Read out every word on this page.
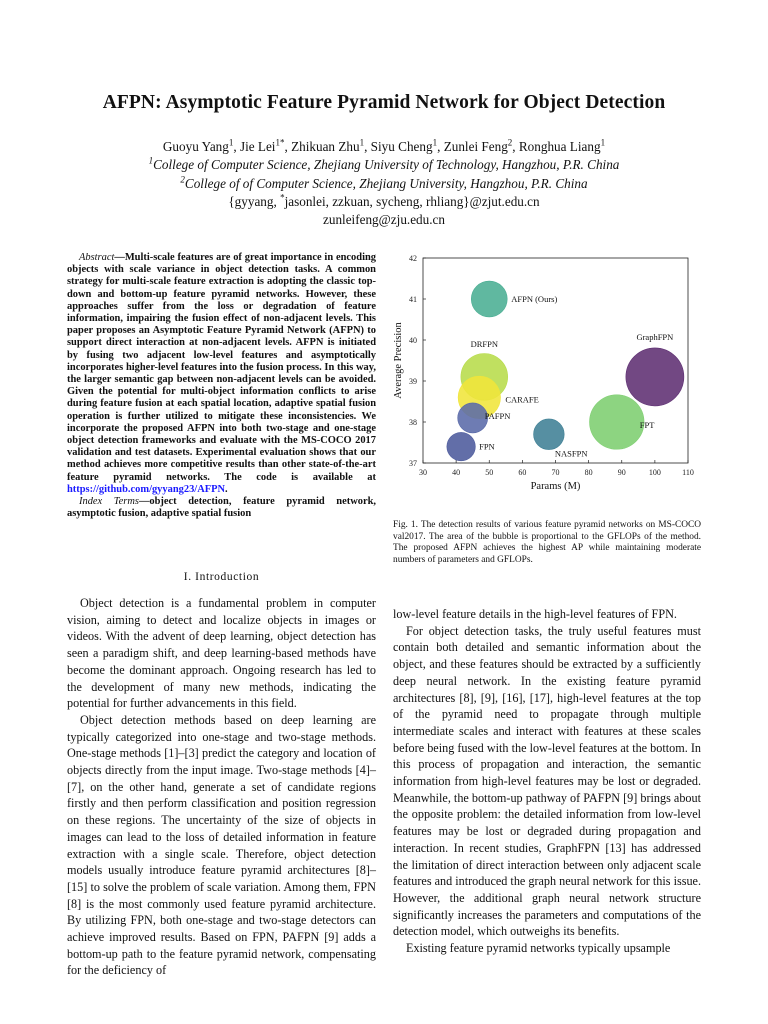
AFPN: Asymptotic Feature Pyramid Network for Object Detection
Guoyu Yang$^1$, Jie Lei$^{1*}$, Zhikuan Zhu$^1$, Siyu Cheng$^1$, Zunlei Feng$^2$, Ronghua Liang$^1$
$^1$College of Computer Science, Zhejiang University of Technology, Hangzhou, P.R. China
$^2$College of of Computer Science, Zhejiang University, Hangzhou, P.R. China
{gyyang, *jasonlei, zzkuan, sycheng, rhliang}@zjut.edu.cn
zunleifeng@zju.edu.cn

Abstract—Multi-scale features are of great importance in encoding objects with scale variance in object detection tasks. A common strategy for multi-scale feature extraction is adopting the classic top-down and bottom-up feature pyramid networks. However, these approaches suffer from the loss or degradation of feature information, impairing the fusion effect of non-adjacent levels. This paper proposes an Asymptotic Feature Pyramid Network (AFPN) to support direct interaction at non-adjacent levels. AFPN is initiated by fusing two adjacent low-level features and asymptotically incorporates higher-level features into the fusion process. In this way, the larger semantic gap between non-adjacent levels can be avoided. Given the potential for multi-object information conflicts to arise during feature fusion at each spatial location, adaptive spatial fusion operation is further utilized to mitigate these inconsistencies. We incorporate the proposed AFPN into both two-stage and one-stage object detection frameworks and evaluate with the MS-COCO 2017 validation and test datasets. Experimental evaluation shows that our method achieves more competitive results than other state-of-the-art feature pyramid networks. The code is available at https://github.com/gyyang23/AFPN.

Index Terms—object detection, feature pyramid network, asymptotic fusion, adaptive spatial fusion

I. Introduction

Object detection is a fundamental problem in computer vision, aiming to detect and localize objects in images or videos. With the advent of deep learning, object detection has seen a paradigm shift, and deep learning-based methods have become the dominant approach. Ongoing research has led to the development of many new methods, indicating the potential for further advancements in this field.

Object detection methods based on deep learning are typically categorized into one-stage and two-stage methods. One-stage methods [1]–[3] predict the category and location of objects directly from the input image. Two-stage methods [4]–[7], on the other hand, generate a set of candidate regions firstly and then perform classification and position regression on these regions. The uncertainty of the size of objects in images can lead to the loss of detailed information in feature extraction with a single scale. Therefore, object detection models usually introduce feature pyramid architectures [8]–[15] to solve the problem of scale variation. Among them, FPN [8] is the most commonly used feature pyramid architecture. By utilizing FPN, both one-stage and two-stage detectors can achieve improved results. Based on FPN, PAFPN [9] adds a bottom-up path to the feature pyramid network, compensating for the deficiency of

30	40	50	60	70	80	90	100	110
37
38
39
40
41
42
Params (M)
Average Precision
FPN
PAFPN
CARAFE
DRFPN
AFPN (Ours)
NASFPN
FPT
GraphFPN
Fig. 1. The detection results of various feature pyramid networks on MS-COCO val2017. The area of the bubble is proportional to the GFLOPs of the method. The proposed AFPN achieves the highest AP while maintaining moderate numbers of parameters and GFLOPs.

low-level feature details in the high-level features of FPN.

For object detection tasks, the truly useful features must contain both detailed and semantic information about the object, and these features should be extracted by a sufficiently deep neural network. In the existing feature pyramid architectures [8], [9], [16], [17], high-level features at the top of the pyramid need to propagate through multiple intermediate scales and interact with features at these scales before being fused with the low-level features at the bottom. In this process of propagation and interaction, the semantic information from high-level features may be lost or degraded. Meanwhile, the bottom-up pathway of PAFPN [9] brings about the opposite problem: the detailed information from low-level features may be lost or degraded during propagation and interaction. In recent studies, GraphFPN [13] has addressed the limitation of direct interaction between only adjacent scale features and introduced the graph neural network for this issue. However, the additional graph neural network structure significantly increases the parameters and computations of the detection model, which outweighs its benefits.

Existing feature pyramid networks typically upsample
